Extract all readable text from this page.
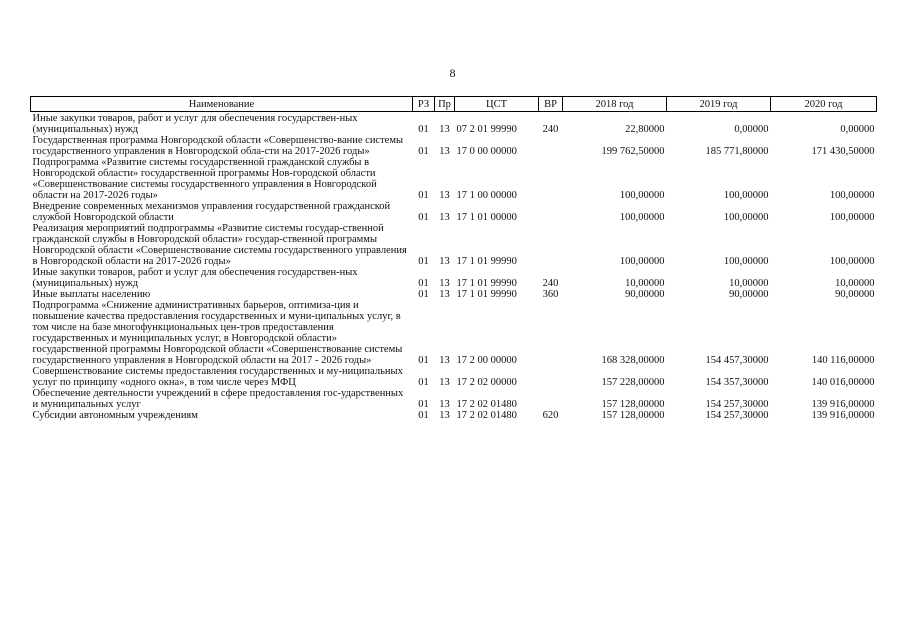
8
Наименование	РЗ	Пр	ЦСТ	ВР	2018 год	2019 год	2020 год
Иные закупки товаров, работ и услуг для обеспечения государствен-ных (муниципальных) нужд	01	13	07 2 01 99990	240	22,80000	0,00000	0,00000
Государственная программа Новгородской области «Совершенство-вание системы государственного управления в Новгородской обла-сти на 2017-2026 годы»	01	13	17 0 00 00000		199 762,50000	185 771,80000	171 430,50000
Подпрограмма «Развитие системы государственной гражданской службы в Новгородской области» государственной программы Нов-городской области «Совершенствование системы государственного управления в Новгородской области на 2017-2026 годы»	01	13	17 1 00 00000		100,00000	100,00000	100,00000
Внедрение современных механизмов управления государственной гражданской службой Новгородской области	01	13	17 1 01 00000		100,00000	100,00000	100,00000
Реализация мероприятий подпрограммы «Развитие системы государ-ственной гражданской службы в Новгородской области» государ-ственной программы Новгородской области «Совершенствование системы государственного управления в Новгородской области на 2017-2026 годы»	01	13	17 1 01 99990		100,00000	100,00000	100,00000
Иные закупки товаров, работ и услуг для обеспечения государствен-ных (муниципальных) нужд	01	13	17 1 01 99990	240	10,00000	10,00000	10,00000
Иные выплаты населению	01	13	17 1 01 99990	360	90,00000	90,00000	90,00000
Подпрограмма «Снижение административных барьеров, оптимиза-ция и повышение качества предоставления государственных и муни-ципальных услуг, в том числе на базе многофункциональных цен-тров предоставления государственных и муниципальных услуг, в Новгородской области» государственной программы Новгородской области «Совершенствование системы государственного управления в Новгородской области на 2017 - 2026 годы»	01	13	17 2 00 00000		168 328,00000	154 457,30000	140 116,00000
Совершенствование системы предоставления государственных и му-ниципальных услуг по принципу «одного окна», в том числе через МФЦ	01	13	17 2 02 00000		157 228,00000	154 357,30000	140 016,00000
Обеспечение деятельности учреждений в сфере предоставления гос-ударственных и муниципальных услуг	01	13	17 2 02 01480		157 128,00000	154 257,30000	139 916,00000
Субсидии автономным учреждениям	01	13	17 2 02 01480	620	157 128,00000	154 257,30000	139 916,00000
